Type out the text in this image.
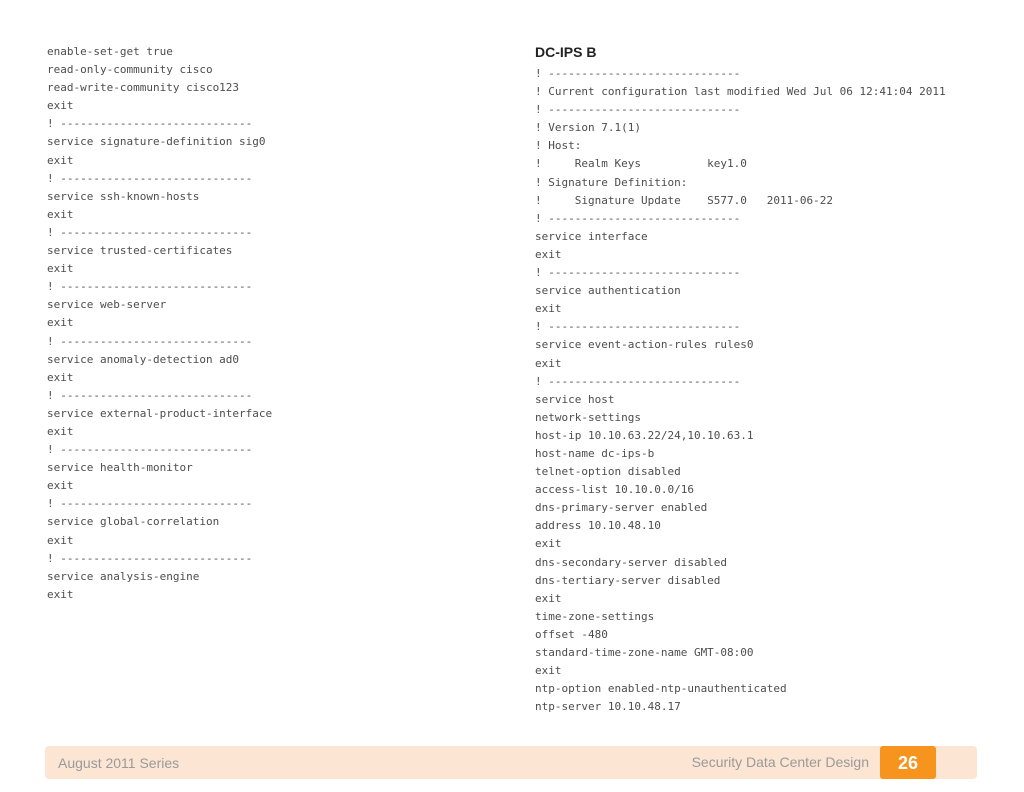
enable-set-get true
read-only-community cisco
read-write-community cisco123
exit
! -----------------------------
service signature-definition sig0
exit
! -----------------------------
service ssh-known-hosts
exit
! -----------------------------
service trusted-certificates
exit
! -----------------------------
service web-server
exit
! -----------------------------
service anomaly-detection ad0
exit
! -----------------------------
service external-product-interface
exit
! -----------------------------
service health-monitor
exit
! -----------------------------
service global-correlation
exit
! -----------------------------
service analysis-engine
exit
DC-IPS B
! -----------------------------
! Current configuration last modified Wed Jul 06 12:41:04 2011
! -----------------------------
! Version 7.1(1)
! Host:
!     Realm Keys          key1.0
! Signature Definition:
!     Signature Update    S577.0   2011-06-22
! -----------------------------
service interface
exit
! -----------------------------
service authentication
exit
! -----------------------------
service event-action-rules rules0
exit
! -----------------------------
service host
network-settings
host-ip 10.10.63.22/24,10.10.63.1
host-name dc-ips-b
telnet-option disabled
access-list 10.10.0.0/16
dns-primary-server enabled
address 10.10.48.10
exit
dns-secondary-server disabled
dns-tertiary-server disabled
exit
time-zone-settings
offset -480
standard-time-zone-name GMT-08:00
exit
ntp-option enabled-ntp-unauthenticated
ntp-server 10.10.48.17
August 2011 Series	Security Data Center Design	26
